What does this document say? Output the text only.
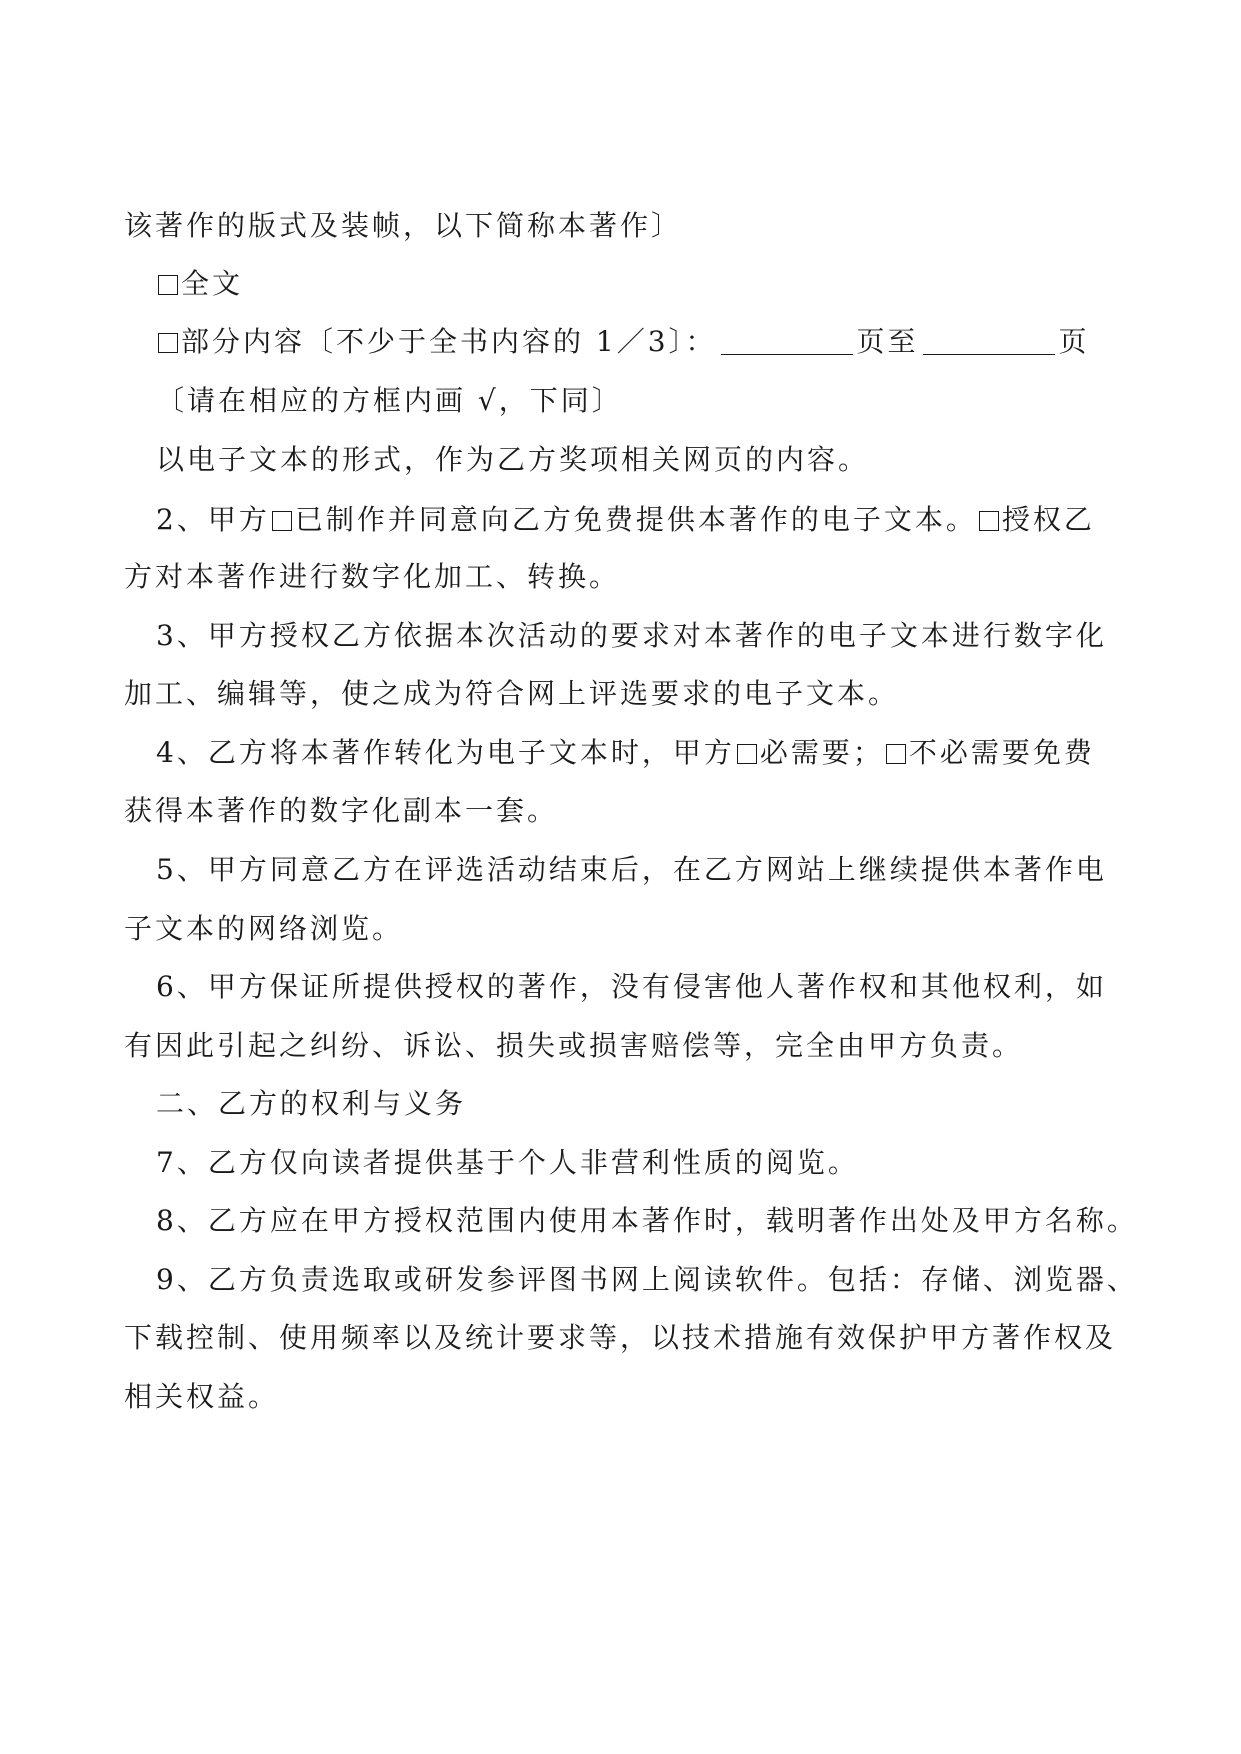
该著作的版式及装帧，以下简称本著作〕
全文
部分内容〔不少于全书内容的 1／3〕：	页至	页
〔请在相应的方框内画 √，下同〕
以电子文本的形式，作为乙方奖项相关网页的内容。
2、甲方 已制作并同意向乙方免费提供本著作的电子文本。 授权乙
方对本著作进行数字化加工、转换。
3、甲方授权乙方依据本次活动的要求对本著作的电子文本进行数字化
加工、编辑等，使之成为符合网上评选要求的电子文本。
4、乙方将本著作转化为电子文本时，甲方 必需要； 不必需要免费
获得本著作的数字化副本一套。
5、甲方同意乙方在评选活动结束后，在乙方网站上继续提供本著作电
子文本的网络浏览。
6、甲方保证所提供授权的著作，没有侵害他人著作权和其他权利，如
有因此引起之纠纷、诉讼、损失或损害赔偿等，完全由甲方负责。
二、乙方的权利与义务
7、乙方仅向读者提供基于个人非营利性质的阅览。
8、乙方应在甲方授权范围内使用本著作时，载明著作出处及甲方名称。
9、乙方负责选取或研发参评图书网上阅读软件。包括：存储、浏览器、
下载控制、使用频率以及统计要求等，以技术措施有效保护甲方著作权及
相关权益。
